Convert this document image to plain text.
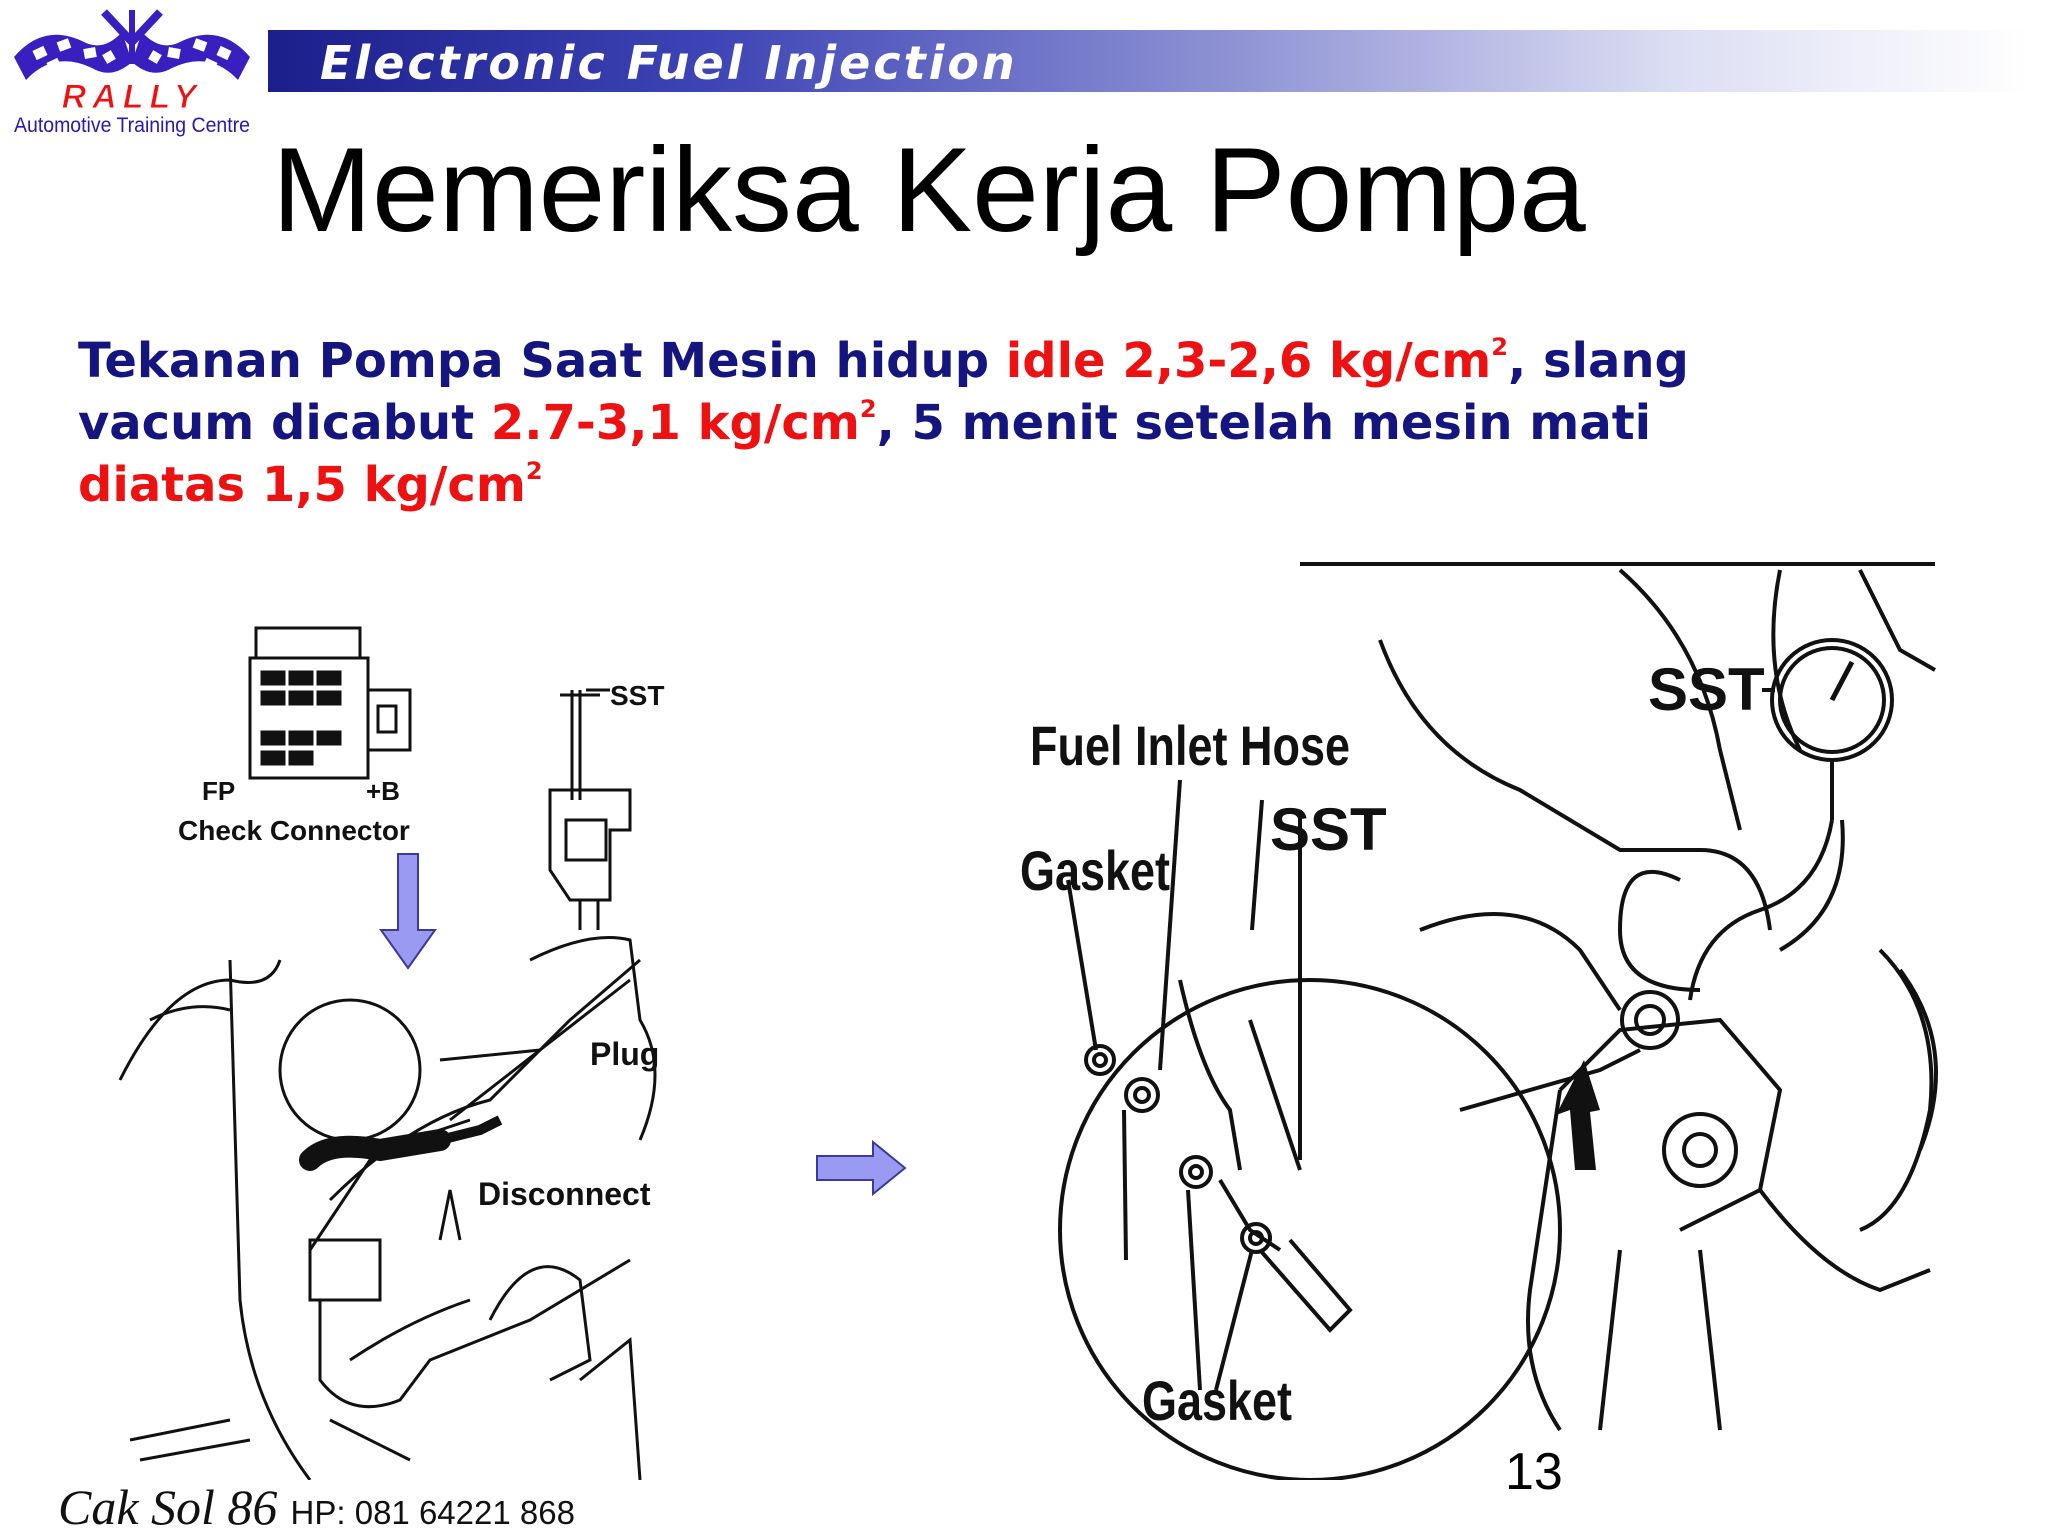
RALLY
Automotive Training Centre
Electronic Fuel Injection
Memeriksa Kerja Pompa
Tekanan Pompa Saat Mesin hidup idle 2,3-2,6 $kg/cm^2$, slang
vacum dicabut 2.7-3,1 $kg/cm^2$, 5 menit setelah mesin mati
diatas 1,5 $kg/cm^2$
SST
FP	+B
Check Connector
Plug
Disconnect
Fuel Inlet Hose
Gasket
SST
SST
Gasket
13
Cak Sol 86 HP: 081 64221 868
